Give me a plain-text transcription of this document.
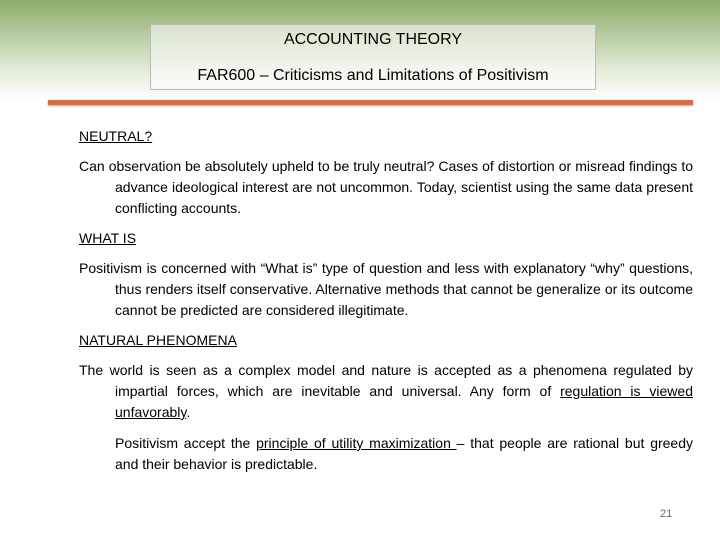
ACCOUNTING THEORY
FAR600 – Criticisms and Limitations of Positivism

NEUTRAL?

Can observation be absolutely upheld to be truly neutral? Cases of distortion or misread findings to advance ideological interest are not uncommon. Today, scientist using the same data present conflicting accounts.

WHAT IS

Positivism is concerned with “What is” type of question and less with explanatory “why” questions, thus renders itself conservative. Alternative methods that cannot be generalize or its outcome cannot be predicted are considered illegitimate.

NATURAL PHENOMENA

The world is seen as a complex model and nature is accepted as a phenomena regulated by impartial forces, which are inevitable and universal. Any form of regulation is viewed unfavorably.

Positivism accept the principle of utility maximization – that people are rational but greedy and their behavior is predictable.

21
